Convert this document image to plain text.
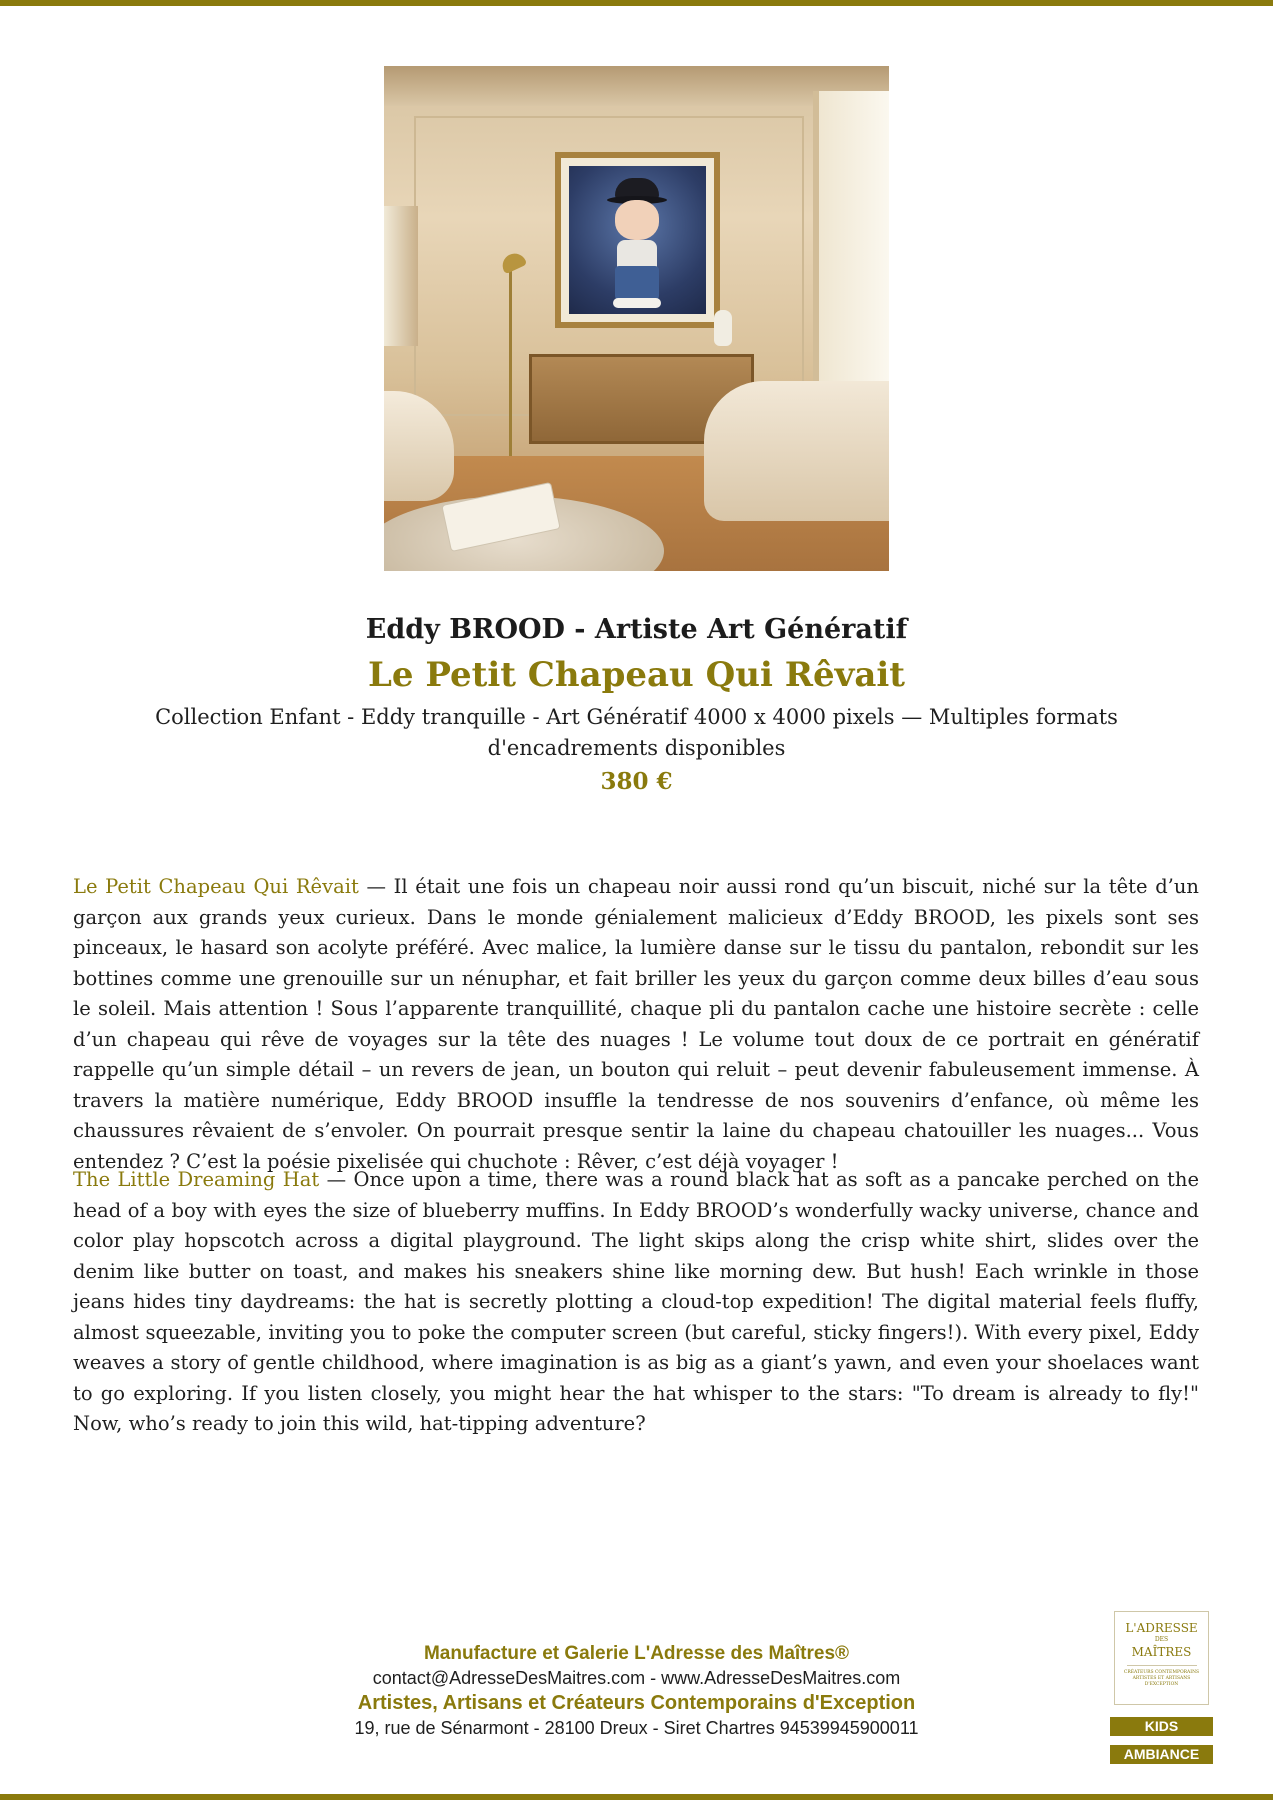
Eddy BROOD - Artiste Art Génératif
Le Petit Chapeau Qui Rêvait

Collection Enfant - Eddy tranquille - Art Génératif 4000 x 4000 pixels — Multiples formats d'encadrements disponibles

380 €

Le Petit Chapeau Qui Rêvait — Il était une fois un chapeau noir aussi rond qu’un biscuit, niché sur la tête d’un garçon aux grands yeux curieux. Dans le monde génialement malicieux d’Eddy BROOD, les pixels sont ses pinceaux, le hasard son acolyte préféré. Avec malice, la lumière danse sur le tissu du pantalon, rebondit sur les bottines comme une grenouille sur un nénuphar, et fait briller les yeux du garçon comme deux billes d’eau sous le soleil. Mais attention ! Sous l’apparente tranquillité, chaque pli du pantalon cache une histoire secrète : celle d’un chapeau qui rêve de voyages sur la tête des nuages ! Le volume tout doux de ce portrait en génératif rappelle qu’un simple détail – un revers de jean, un bouton qui reluit – peut devenir fabuleusement immense. À travers la matière numérique, Eddy BROOD insuffle la tendresse de nos souvenirs d’enfance, où même les chaussures rêvaient de s’envoler. On pourrait presque sentir la laine du chapeau chatouiller les nuages... Vous entendez ? C’est la poésie pixelisée qui chuchote : Rêver, c’est déjà voyager !

The Little Dreaming Hat — Once upon a time, there was a round black hat as soft as a pancake perched on the head of a boy with eyes the size of blueberry muffins. In Eddy BROOD’s wonderfully wacky universe, chance and color play hopscotch across a digital playground. The light skips along the crisp white shirt, slides over the denim like butter on toast, and makes his sneakers shine like morning dew. But hush! Each wrinkle in those jeans hides tiny daydreams: the hat is secretly plotting a cloud-top expedition! The digital material feels fluffy, almost squeezable, inviting you to poke the computer screen (but careful, sticky fingers!). With every pixel, Eddy weaves a story of gentle childhood, where imagination is as big as a giant’s yawn, and even your shoelaces want to go exploring. If you listen closely, you might hear the hat whisper to the stars: "To dream is already to fly!" Now, who’s ready to join this wild, hat-tipping adventure?

Manufacture et Galerie L'Adresse des Maîtres®
contact@AdresseDesMaitres.com - www.AdresseDesMaitres.com
Artistes, Artisans et Créateurs Contemporains d'Exception
19, rue de Sénarmont - 28100 Dreux - Siret Chartres 94539945900011
L'ADRESSE
DES
MAÎTRES
CRÉATEURS CONTEMPORAINS ARTISTES ET ARTISANS D'EXCEPTION
KIDS
AMBIANCE
